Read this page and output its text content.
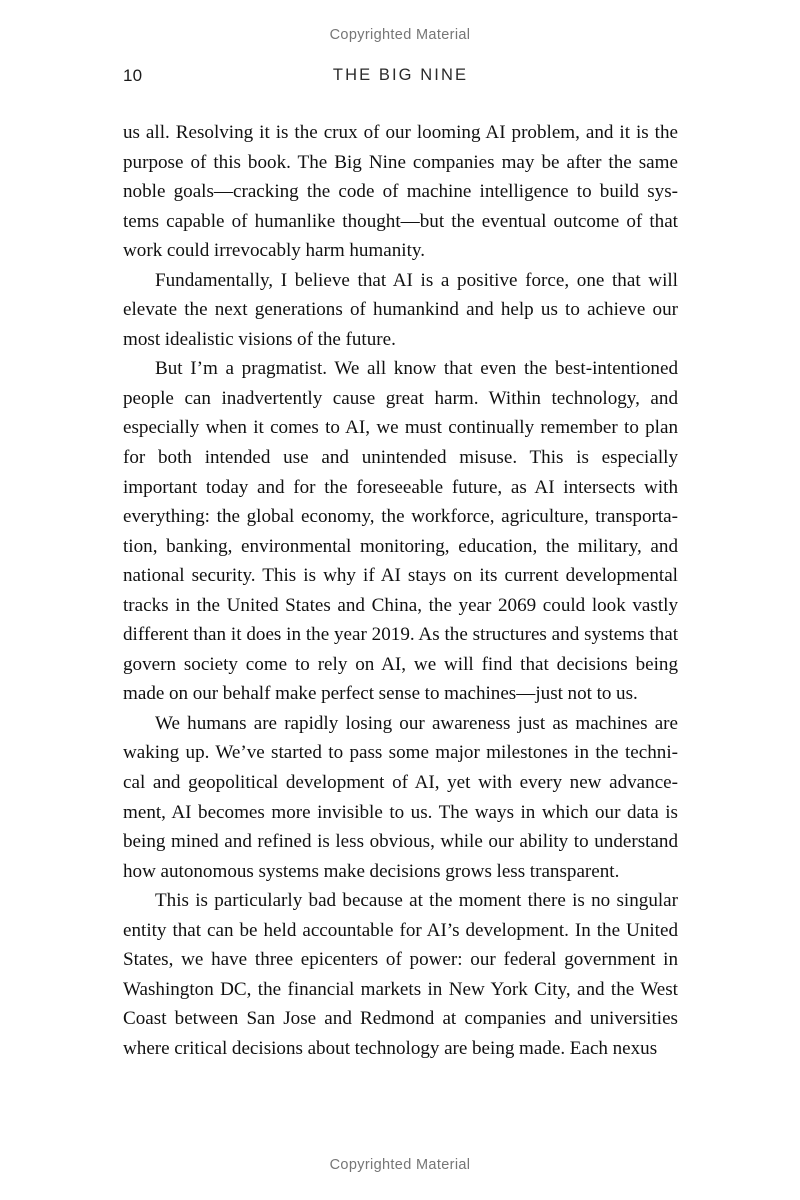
Copyrighted Material
10	THE BIG NINE

us all. Resolving it is the crux of our looming AI problem, and it is the purpose of this book. The Big Nine companies may be after the same noble goals—cracking the code of machine intelligence to build sys-tems capable of humanlike thought—but the eventual outcome of that work could irrevocably harm humanity.

Fundamentally, I believe that AI is a positive force, one that will elevate the next generations of humankind and help us to achieve our most idealistic visions of the future.

But I’m a pragmatist. We all know that even the best-intentioned people can inadvertently cause great harm. Within technology, and especially when it comes to AI, we must continually remember to plan for both intended use and unintended misuse. This is especially important today and for the foreseeable future, as AI intersects with everything: the global economy, the workforce, agriculture, transporta-tion, banking, environmental monitoring, education, the military, and national security. This is why if AI stays on its current developmental tracks in the United States and China, the year 2069 could look vastly different than it does in the year 2019. As the structures and systems that govern society come to rely on AI, we will find that decisions being made on our behalf make perfect sense to machines—just not to us.

We humans are rapidly losing our awareness just as machines are waking up. We’ve started to pass some major milestones in the techni-cal and geopolitical development of AI, yet with every new advance-ment, AI becomes more invisible to us. The ways in which our data is being mined and refined is less obvious, while our ability to understand how autonomous systems make decisions grows less transparent.

This is particularly bad because at the moment there is no singular entity that can be held accountable for AI’s development. In the United States, we have three epicenters of power: our federal government in Washington DC, the financial markets in New York City, and the West Coast between San Jose and Redmond at companies and universities where critical decisions about technology are being made. Each nexus

Copyrighted Material
